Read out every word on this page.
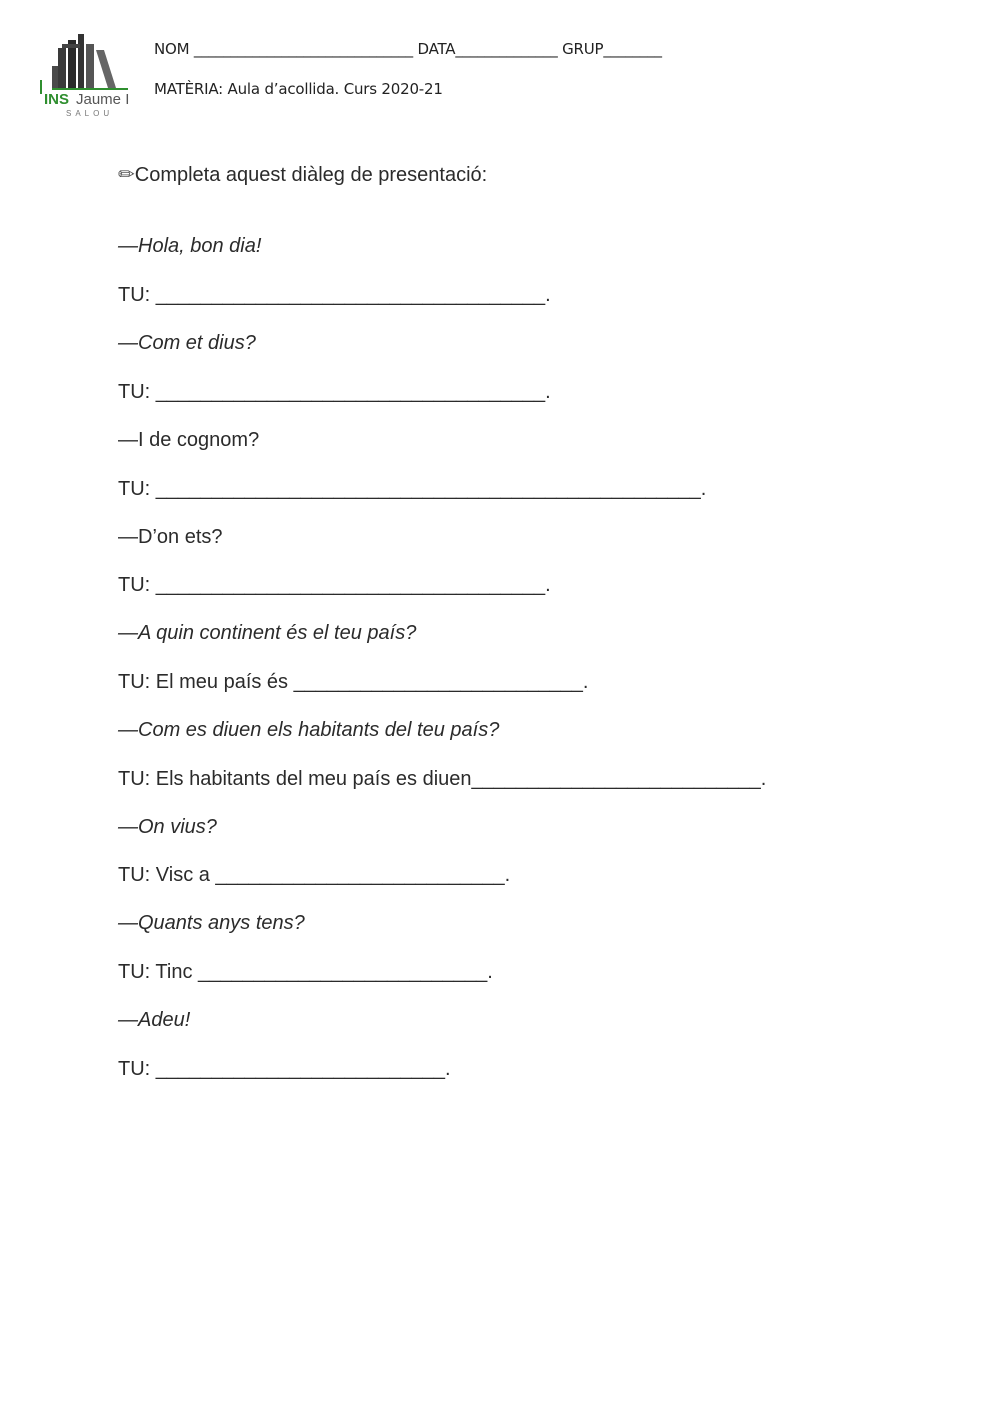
INS Jaume I
SALOU
NOM ______________________________ DATA______________ GRUP________
MATÈRIA: Aula d’acollida. Curs 2020-21
✏Completa aquest diàleg de presentació:
—Hola, bon dia!
TU: ___________________________________.
—Com et dius?
TU: ___________________________________.
—I de cognom?
TU: _________________________________________________.
—D’on ets?
TU: ___________________________________.
—A quin continent és el teu país?
TU: El meu país és __________________________.
—Com es diuen els habitants del teu país?
TU: Els habitants del meu país es diuen__________________________.
—On vius?
TU: Visc a __________________________.
—Quants anys tens?
TU: Tinc __________________________.
—Adeu!
TU: __________________________.
